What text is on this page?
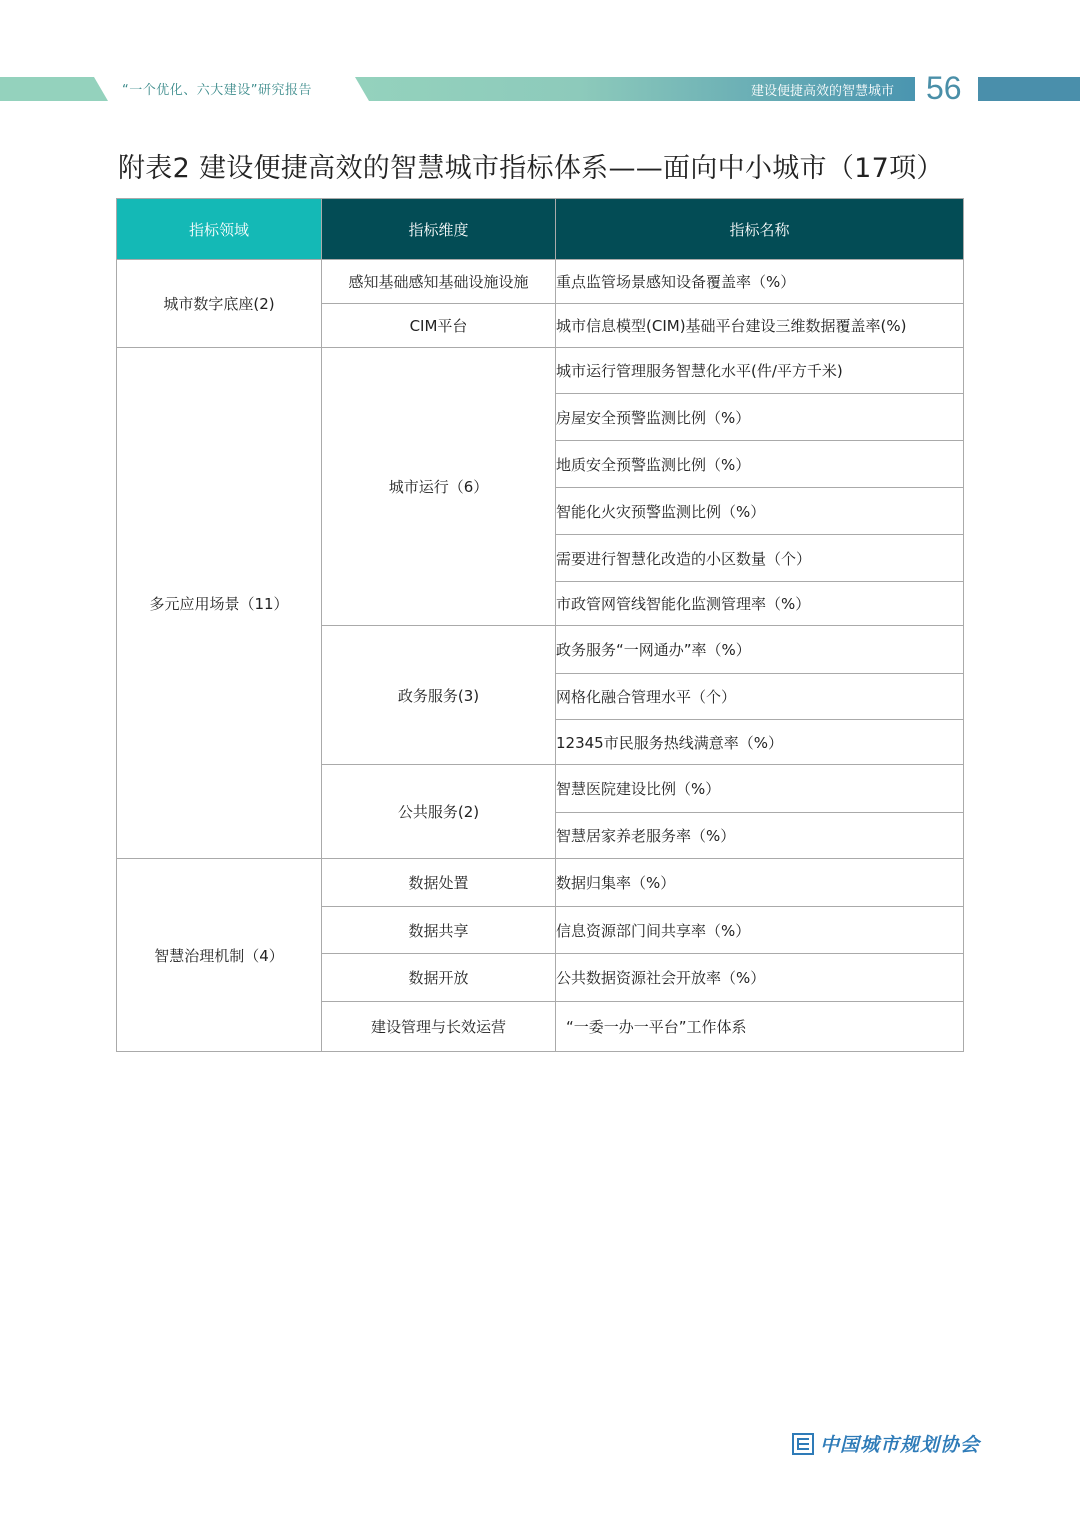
“一个优化、六大建设”研究报告	建设便捷高效的智慧城市 56
附表2 建设便捷高效的智慧城市指标体系——面向中小城市（17项）
指标领域	指标维度	指标名称
城市数字底座(2)	感知基础感知基础设施设施	重点监管场景感知设备覆盖率（%）
	CIM平台	城市信息模型(CIM)基础平台建设三维数据覆盖率(%)
多元应用场景（11）	城市运行（6）	城市运行管理服务智慧化水平(件/平方千米)
		房屋安全预警监测比例（%）
		地质安全预警监测比例（%）
		智能化火灾预警监测比例（%）
		需要进行智慧化改造的小区数量（个）
		市政管网管线智能化监测管理率（%）
	政务服务(3)	政务服务“一网通办”率（%）
		网格化融合管理水平（个）
		12345市民服务热线满意率（%）
	公共服务(2)	智慧医院建设比例（%）
		智慧居家养老服务率（%）
智慧治理机制（4）	数据处置	数据归集率（%）
	数据共享	信息资源部门间共享率（%）
	数据开放	公共数据资源社会开放率（%）
	建设管理与长效运营	“一委一办一平台”工作体系
中国城市规划协会
